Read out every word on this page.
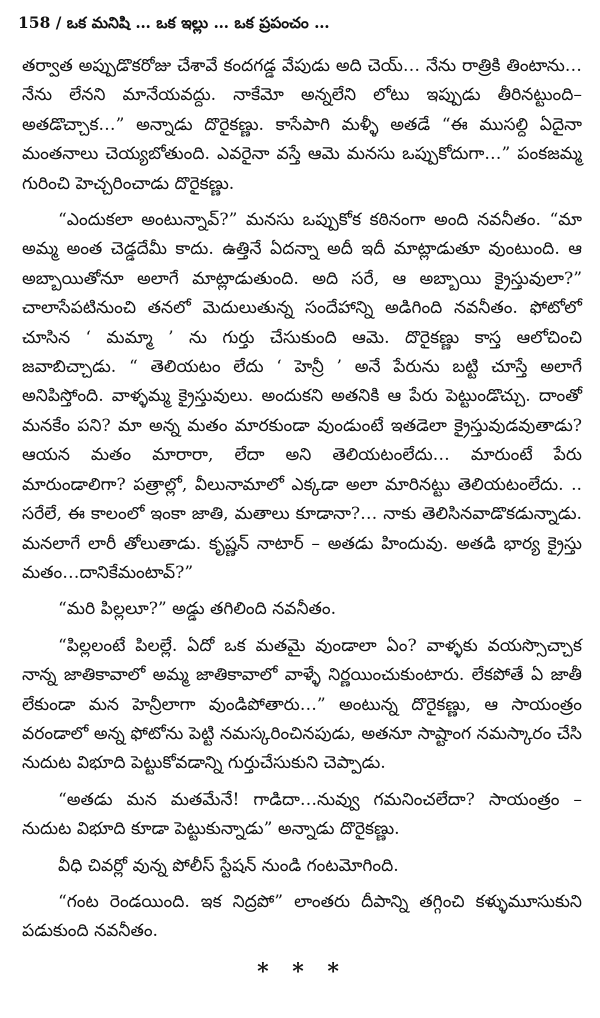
158 / ఒక మనిషి … ఒక ఇల్లు … ఒక ప్రపంచం …

తర్వాత అప్పుడొకరోజు చేశావే కందగడ్డ వేపుడు అది చెయ్… నేను రాత్రికి తింటాను… నేను లేనని మానేయవద్దు. నాకేమో అన్నలేని లోటు ఇప్పుడు తీరినట్టుంది–అతడొచ్చాక…” అన్నాడు దొరైకణ్ణు. కాసేపాగి మళ్ళీ అతడే “ఈ ముసల్ది ఏదైనా మంతనాలు చెయ్యబోతుంది. ఎవరైనా వస్తే ఆమె మనసు ఒప్పుకోదుగా…” పంకజమ్మ గురించి హెచ్చరించాడు దొరైకణ్ణు.

“ఎందుకలా అంటున్నావ్?” మనసు ఒప్పుకోక కఠినంగా అంది నవనీతం. “మా అమ్మ అంత చెడ్డదేమీ కాదు. ఉత్తినే ఏదన్నా అదీ ఇదీ మాట్లాడుతూ వుంటుంది. ఆ అబ్బాయితోనూ అలాగే మాట్లాడుతుంది. అది సరే, ఆ అబ్బాయి క్రైస్తువులా?” చాలాసేపటినుంచి తనలో మెదులుతున్న సందేహాన్ని అడిగింది నవనీతం. ఫోటోలో చూసిన ‘ మమ్మా ’ ను గుర్తు చేసుకుంది ఆమె. దొరైకణ్ణు కాస్త ఆలోచించి జవాబిచ్చాడు. “ తెలియటం లేదు ‘ హెన్రీ ’ అనే పేరును బట్టి చూస్తే అలాగే అనిపిస్తోంది. వాళ్ళమ్మ క్రైస్తువులు. అందుకని అతనికి ఆ పేరు పెట్టుండొచ్చు. దాంతో మనకేం పని? మా అన్న మతం మారకుండా వుండుంటే ఇతడెలా క్రైస్తువుడవుతాడు? ఆయన మతం మారారా, లేదా అని తెలియటంలేదు… మారుంటే పేరు మారుండాలిగా? పత్రాల్లో, వీలునామాలో ఎక్కడా అలా మారినట్టు తెలియటంలేదు. .. సరేలే, ఈ కాలంలో ఇంకా జాతి, మతాలు కూడానా?… నాకు తెలిసినవాడొకడున్నాడు. మనలాగే లారీ తోలుతాడు. కృష్ణన్ నాటార్ – అతడు హిందువు. అతడి భార్య క్రైస్తు మతం…దానికేమంటావ్?”

“మరి పిల్లలూ?” అడ్డు తగిలింది నవనీతం.

“పిల్లలంటే పిలల్లే. ఏదో ఒక మతమై వుండాలా ఏం? వాళ్ళకు వయస్సొచ్చాక నాన్న జాతికావాలో అమ్మ జాతికావాలో వాళ్ళే నిర్ణయించుకుంటారు. లేకపోతే ఏ జాతీ లేకుండా మన హెన్రీలాగా వుండిపోతారు…” అంటున్న దొరైకణ్ణు, ఆ సాయంత్రం వరండాలో అన్న ఫోటోను పెట్టి నమస్కరించినపుడు, అతనూ సాష్టాంగ నమస్కారం చేసి నుదుట విభూది పెట్టుకోవడాన్ని గుర్తుచేసుకుని చెప్పాడు.

“అతడు మన మతమేనే! గాడిదా…నువ్వు గమనించలేదా? సాయంత్రం – నుదుట విభూది కూడా పెట్టుకున్నాడు” అన్నాడు దొరైకణ్ణు.

వీధి చివర్లో వున్న పోలీస్ స్టేషన్ నుండి గంటమోగింది.

“గంట రెండయింది. ఇక నిద్రపో” లాంతరు దీపాన్ని తగ్గించి కళ్ళుమూసుకుని పడుకుంది నవనీతం.

* * *
